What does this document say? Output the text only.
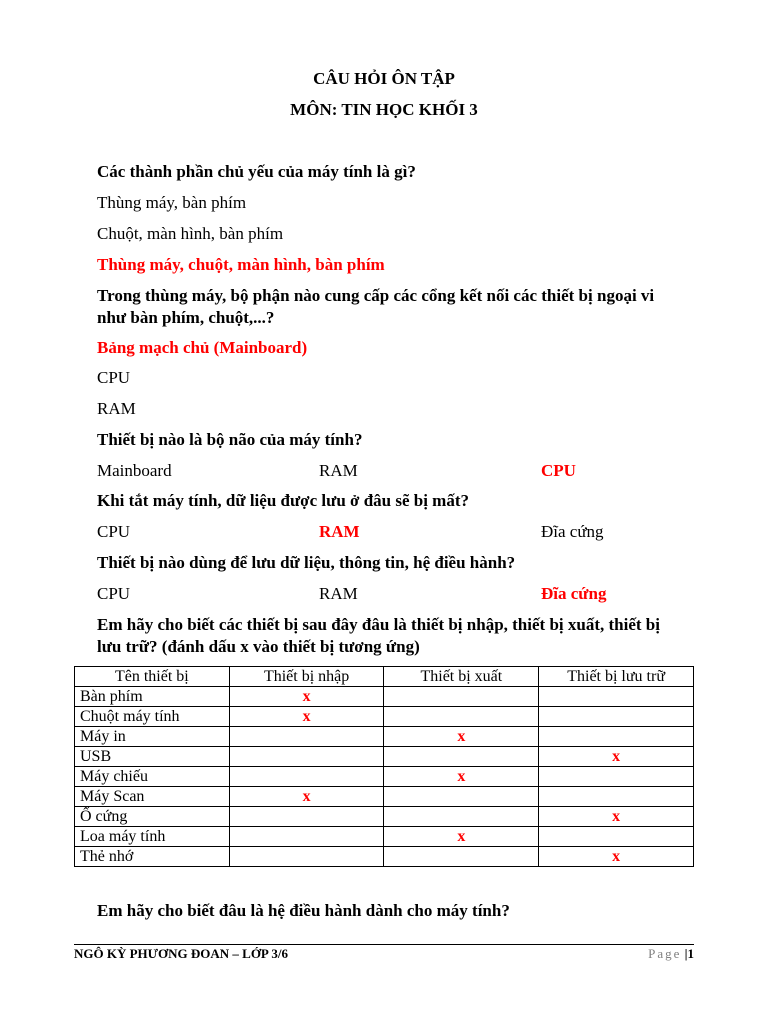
CÂU HỎI ÔN TẬP
MÔN: TIN HỌC KHỐI 3
Các thành phần chủ yếu của máy tính là gì?
Thùng máy, bàn phím
Chuột, màn hình, bàn phím
Thùng máy, chuột, màn hình, bàn phím
Trong thùng máy, bộ phận nào cung cấp các cổng kết nối các thiết bị ngoại vi
như bàn phím, chuột,...?
Bảng mạch chủ (Mainboard)
CPU
RAM
Thiết bị nào là bộ não của máy tính?
Mainboard	RAM	CPU
Khi tắt máy tính, dữ liệu được lưu ở đâu sẽ bị mất?
CPU	RAM	Đĩa cứng
Thiết bị nào dùng để lưu dữ liệu, thông tin, hệ điều hành?
CPU	RAM	Đĩa cứng
Em hãy cho biết các thiết bị sau đây đâu là thiết bị nhập, thiết bị xuất, thiết bị
lưu trữ? (đánh dấu x vào thiết bị tương ứng)
Tên thiết bị	Thiết bị nhập	Thiết bị xuất	Thiết bị lưu trữ
Bàn phím	x		
Chuột máy tính	x		
Máy in		x	
USB			x
Máy chiếu		x	
Máy Scan	x		
Ổ cứng			x
Loa máy tính		x	
Thẻ nhớ			x
Em hãy cho biết đâu là hệ điều hành dành cho máy tính?
NGÔ KỲ PHƯƠNG ĐOAN – LỚP 3/6	Page |1
